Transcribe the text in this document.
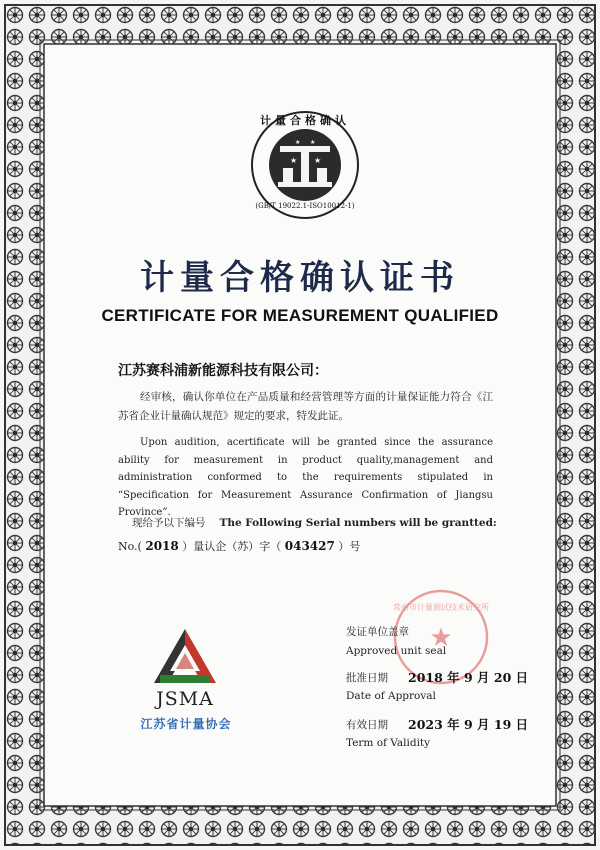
★ ★
★ ★
计量合格确认
(GB/T 19022.1-ISO10012-1)
计量合格确认证书
CERTIFICATE FOR MEASUREMENT QUALIFIED
江苏赛科浦新能源科技有限公司：
经审核，确认你单位在产品质量和经营管理等方面的计量保证能力符合《江苏省企业计量确认规范》规定的要求，特发此证。
Upon audition, acertificate will be granted since the assurance ability for measurement in product quality,management and administration conformed to the requirements stipulated in “Specification for Measurement Assurance Confirmation of Jiangsu Province”.
现给予以下编号 The Following Serial numbers will be grantted:
No.( 2018 ）量认企（苏）字（ 043427 ）号
JSMA
江苏省计量协会
★
常州市计量测试技术研究所
发证单位盖章
Approved unit seal
批准日期 2018 年 9 月 20 日
Date of Approval
有效日期 2023 年 9 月 19 日
Term of Validity
